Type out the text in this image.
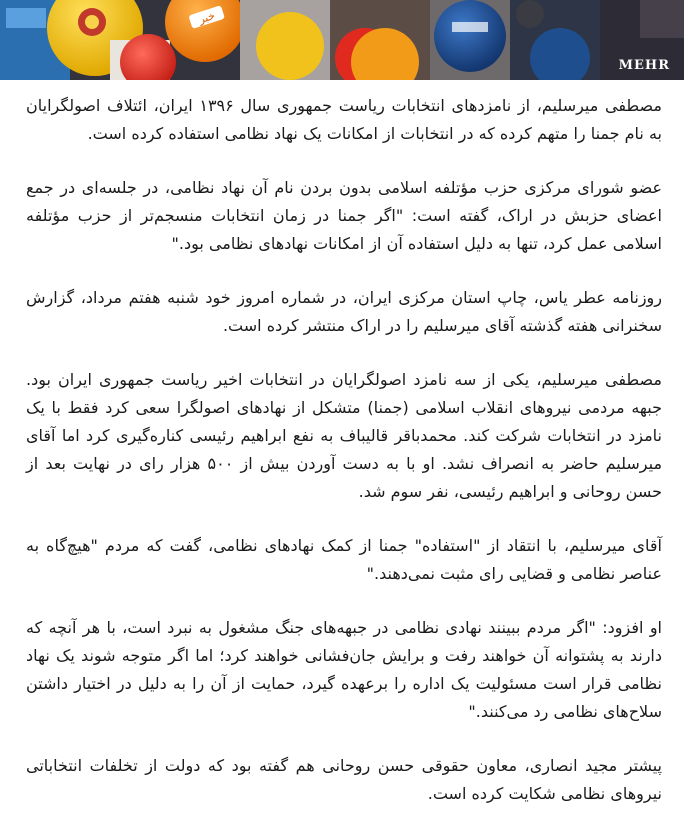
خبر
MEHR

مصطفی میرسلیم، از نامزدهای انتخابات ریاست جمهوری سال ۱۳۹۶ ایران، ائتلاف اصولگرایان به نام جمنا را متهم کرده که در انتخابات از امکانات یک نهاد نظامی استفاده کرده است.

عضو شورای مرکزی حزب مؤتلفه اسلامی بدون بردن نام آن نهاد نظامی، در جلسه‌ای در جمع اعضای حزبش در اراک، گفته است: "اگر جمنا در زمان انتخابات منسجم‌تر از حزب مؤتلفه اسلامی عمل کرد، تنها به دلیل استفاده آن از امکانات نهادهای نظامی بود."

روزنامه عطر یاس، چاپ استان مرکزی ایران، در شماره امروز خود شنبه هفتم مرداد، گزارش سخنرانی هفته گذشته آقای میرسلیم را در اراک منتشر کرده است.

مصطفی میرسلیم، یکی از سه نامزد اصولگرایان در انتخابات اخیر ریاست جمهوری ایران بود. جبهه مردمی نیروهای انقلاب اسلامی (جمنا) متشکل از نهادهای اصولگرا سعی کرد فقط با یک نامزد در انتخابات شرکت کند. محمدباقر قالیباف به نفع ابراهیم رئیسی کناره‌گیری کرد اما آقای میرسلیم حاضر به انصراف نشد. او با به دست آوردن بیش از ۵۰۰ هزار رای در نهایت بعد از حسن روحانی و ابراهیم رئیسی، نفر سوم شد.

آقای میرسلیم، با انتقاد از "استفاده" جمنا از کمک نهادهای نظامی، گفت که مردم "هیچ‌گاه به عناصر نظامی و قضایی رای مثبت نمی‌دهند."

او افزود: "اگر مردم ببینند نهادی نظامی در جبهه‌های جنگ مشغول به نبرد است، با هر آنچه که دارند به پشتوانه آن خواهند رفت و برایش جان‌فشانی خواهند کرد؛ اما اگر متوجه شوند یک نهاد نظامی قرار است مسئولیت یک اداره را برعهده گیرد، حمایت از آن را به دلیل در اختیار داشتن سلاح‌های نظامی رد می‌کنند."

پیشتر مجید انصاری، معاون حقوقی حسن روحانی هم گفته بود که دولت از تخلفات انتخاباتی نیروهای نظامی شکایت کرده است.
